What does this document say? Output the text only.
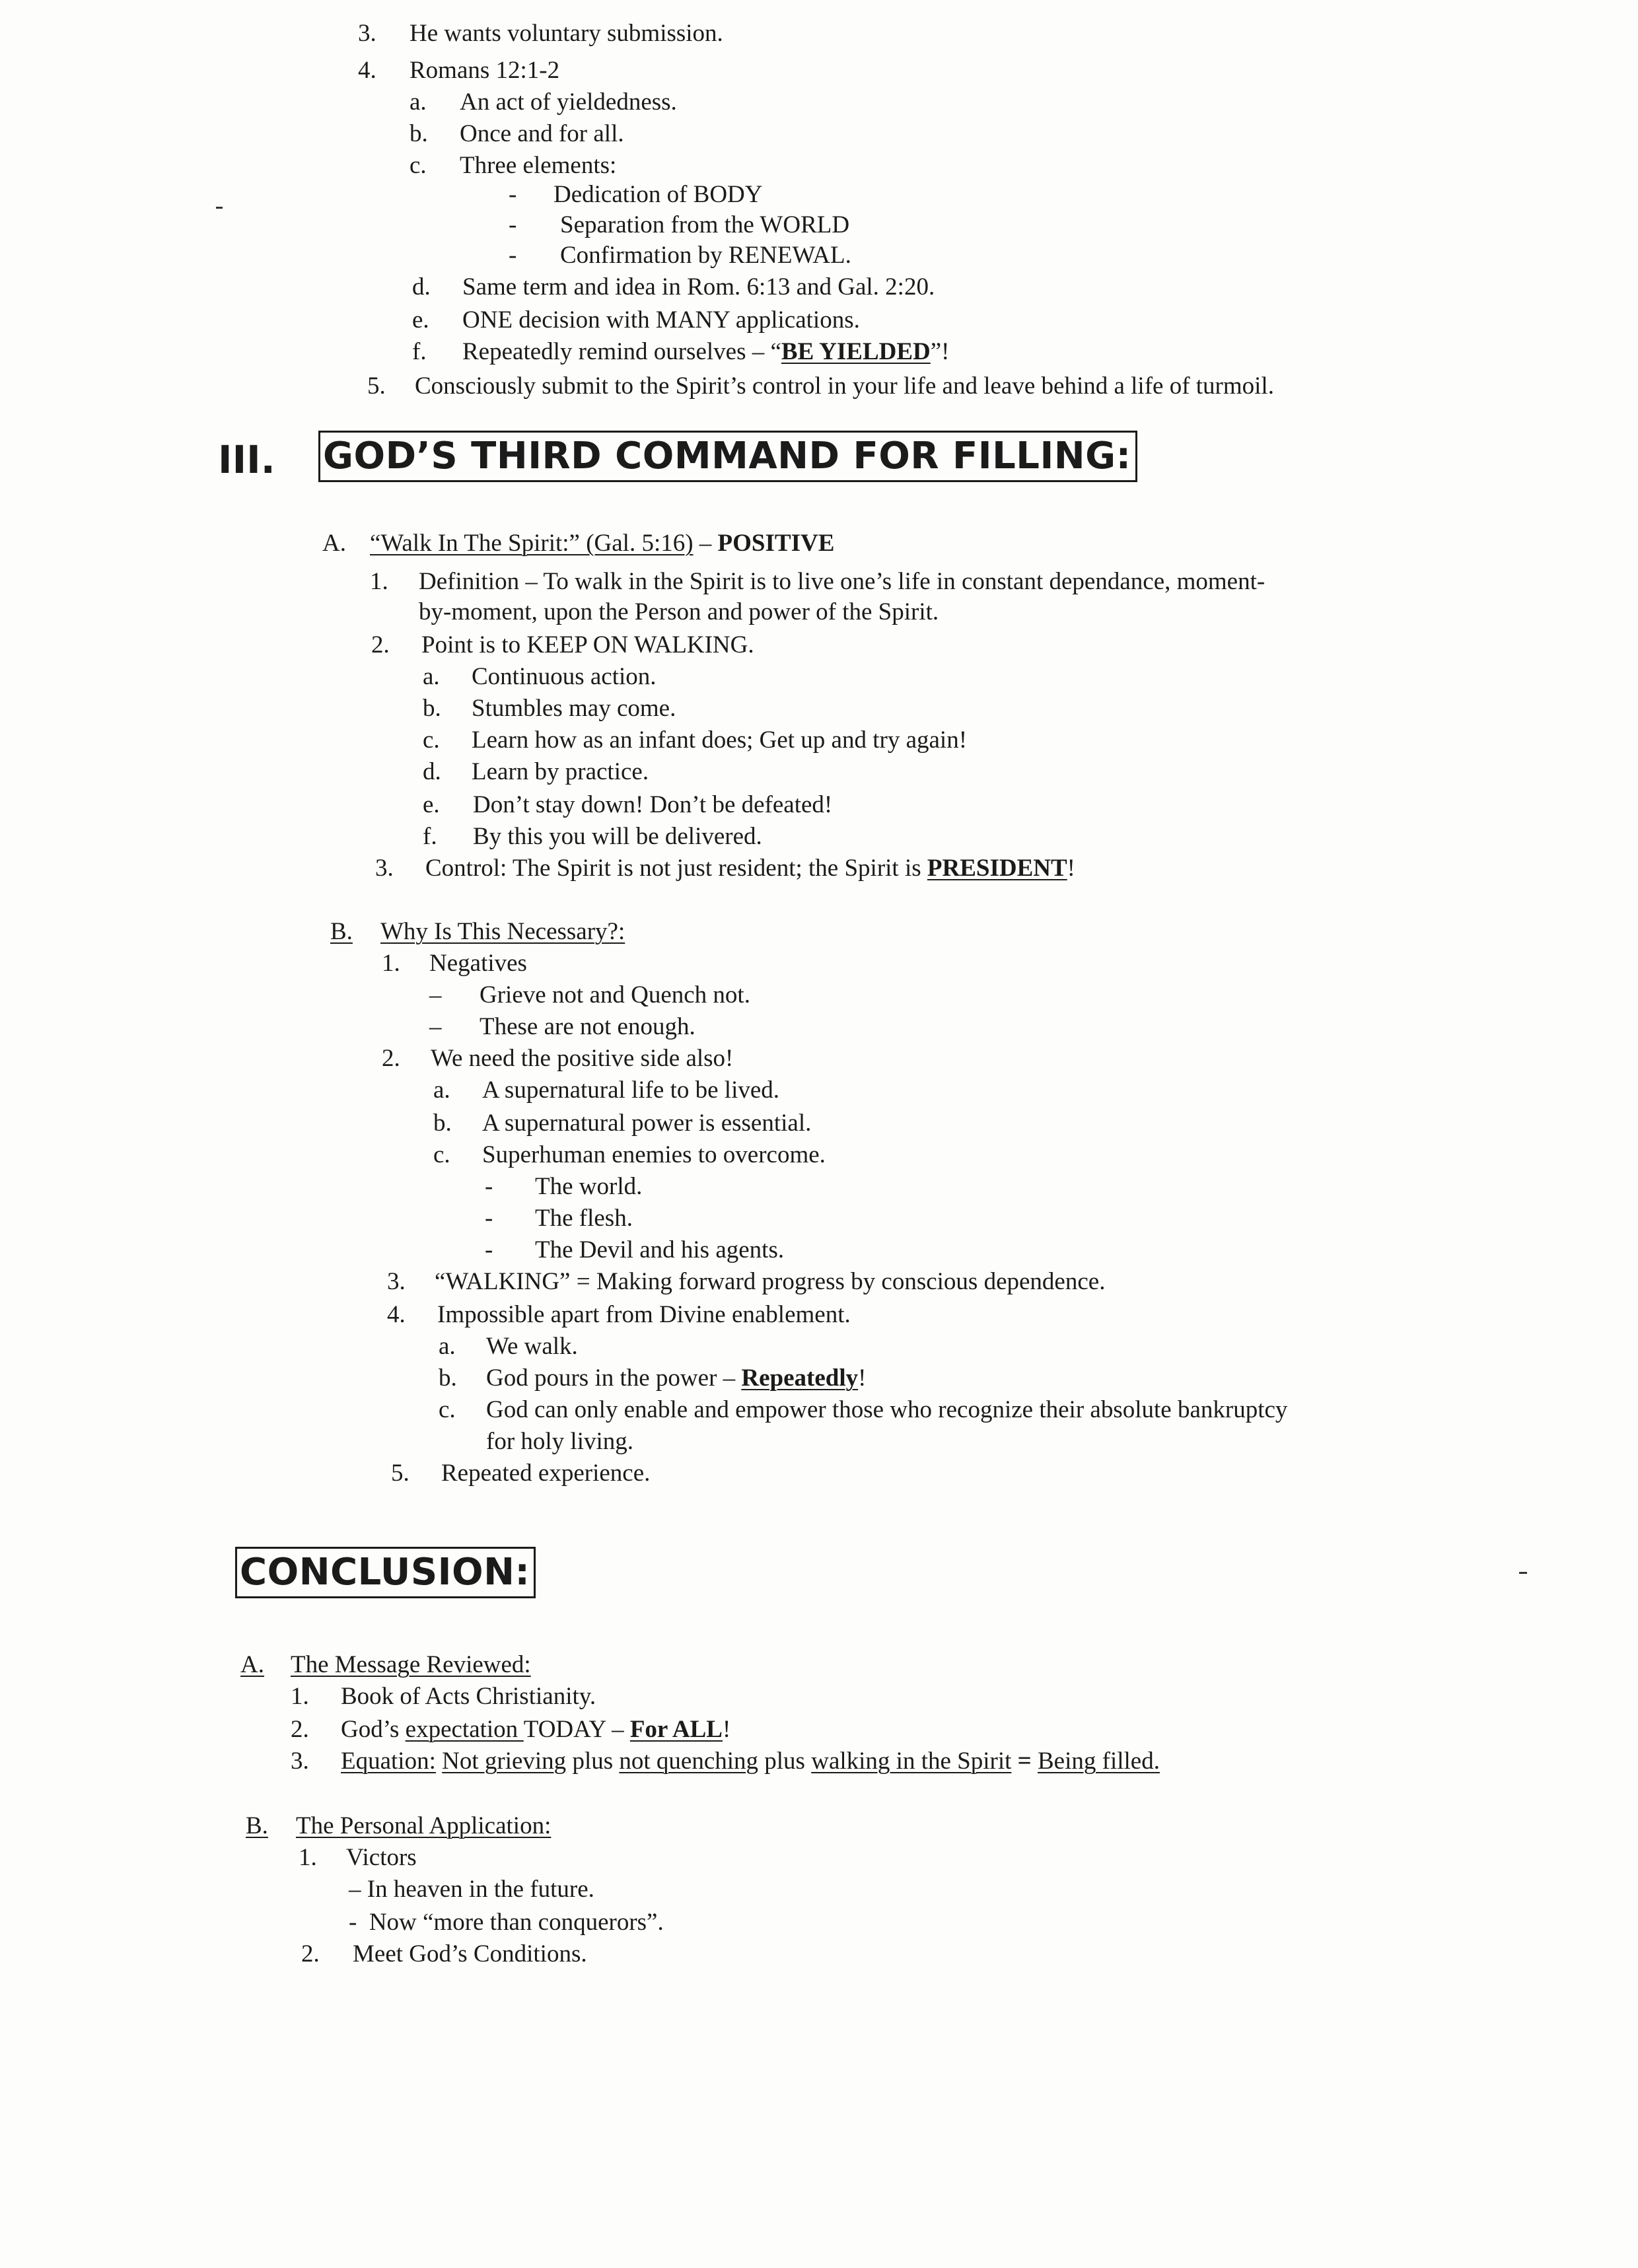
3. He wants voluntary submission.
4. Romans 12:1-2
a. An act of yieldedness.
b. Once and for all.
c. Three elements:
- Dedication of BODY
- Separation from the WORLD
- Confirmation by RENEWAL.
d. Same term and idea in Rom. 6:13 and Gal. 2:20.
e. ONE decision with MANY applications.
f. Repeatedly remind ourselves – “BE YIELDED”!
5. Consciously submit to the Spirit’s control in your life and leave behind a life of turmoil.
III. GOD’S THIRD COMMAND FOR FILLING:
A. “Walk In The Spirit:” (Gal. 5:16) – POSITIVE
1. Definition – To walk in the Spirit is to live one’s life in constant dependance, moment-
by-moment, upon the Person and power of the Spirit.
2. Point is to KEEP ON WALKING.
a. Continuous action.
b. Stumbles may come.
c. Learn how as an infant does; Get up and try again!
d. Learn by practice.
e. Don’t stay down! Don’t be defeated!
f. By this you will be delivered.
3. Control: The Spirit is not just resident; the Spirit is PRESIDENT!
B. Why Is This Necessary?:
1. Negatives
– Grieve not and Quench not.
– These are not enough.
2. We need the positive side also!
a. A supernatural life to be lived.
b. A supernatural power is essential.
c. Superhuman enemies to overcome.
- The world.
- The flesh.
- The Devil and his agents.
3. “WALKING” = Making forward progress by conscious dependence.
4. Impossible apart from Divine enablement.
a. We walk.
b. God pours in the power – Repeatedly!
c. God can only enable and empower those who recognize their absolute bankruptcy
for holy living.
5. Repeated experience.
CONCLUSION:
A. The Message Reviewed:
1. Book of Acts Christianity.
2. God’s expectation TODAY – For ALL!
3. Equation: Not grieving plus not quenching plus walking in the Spirit = Being filled.
B. The Personal Application:
1. Victors
– In heaven in the future.
-  Now “more than conquerors”.
2. Meet God’s Conditions.
